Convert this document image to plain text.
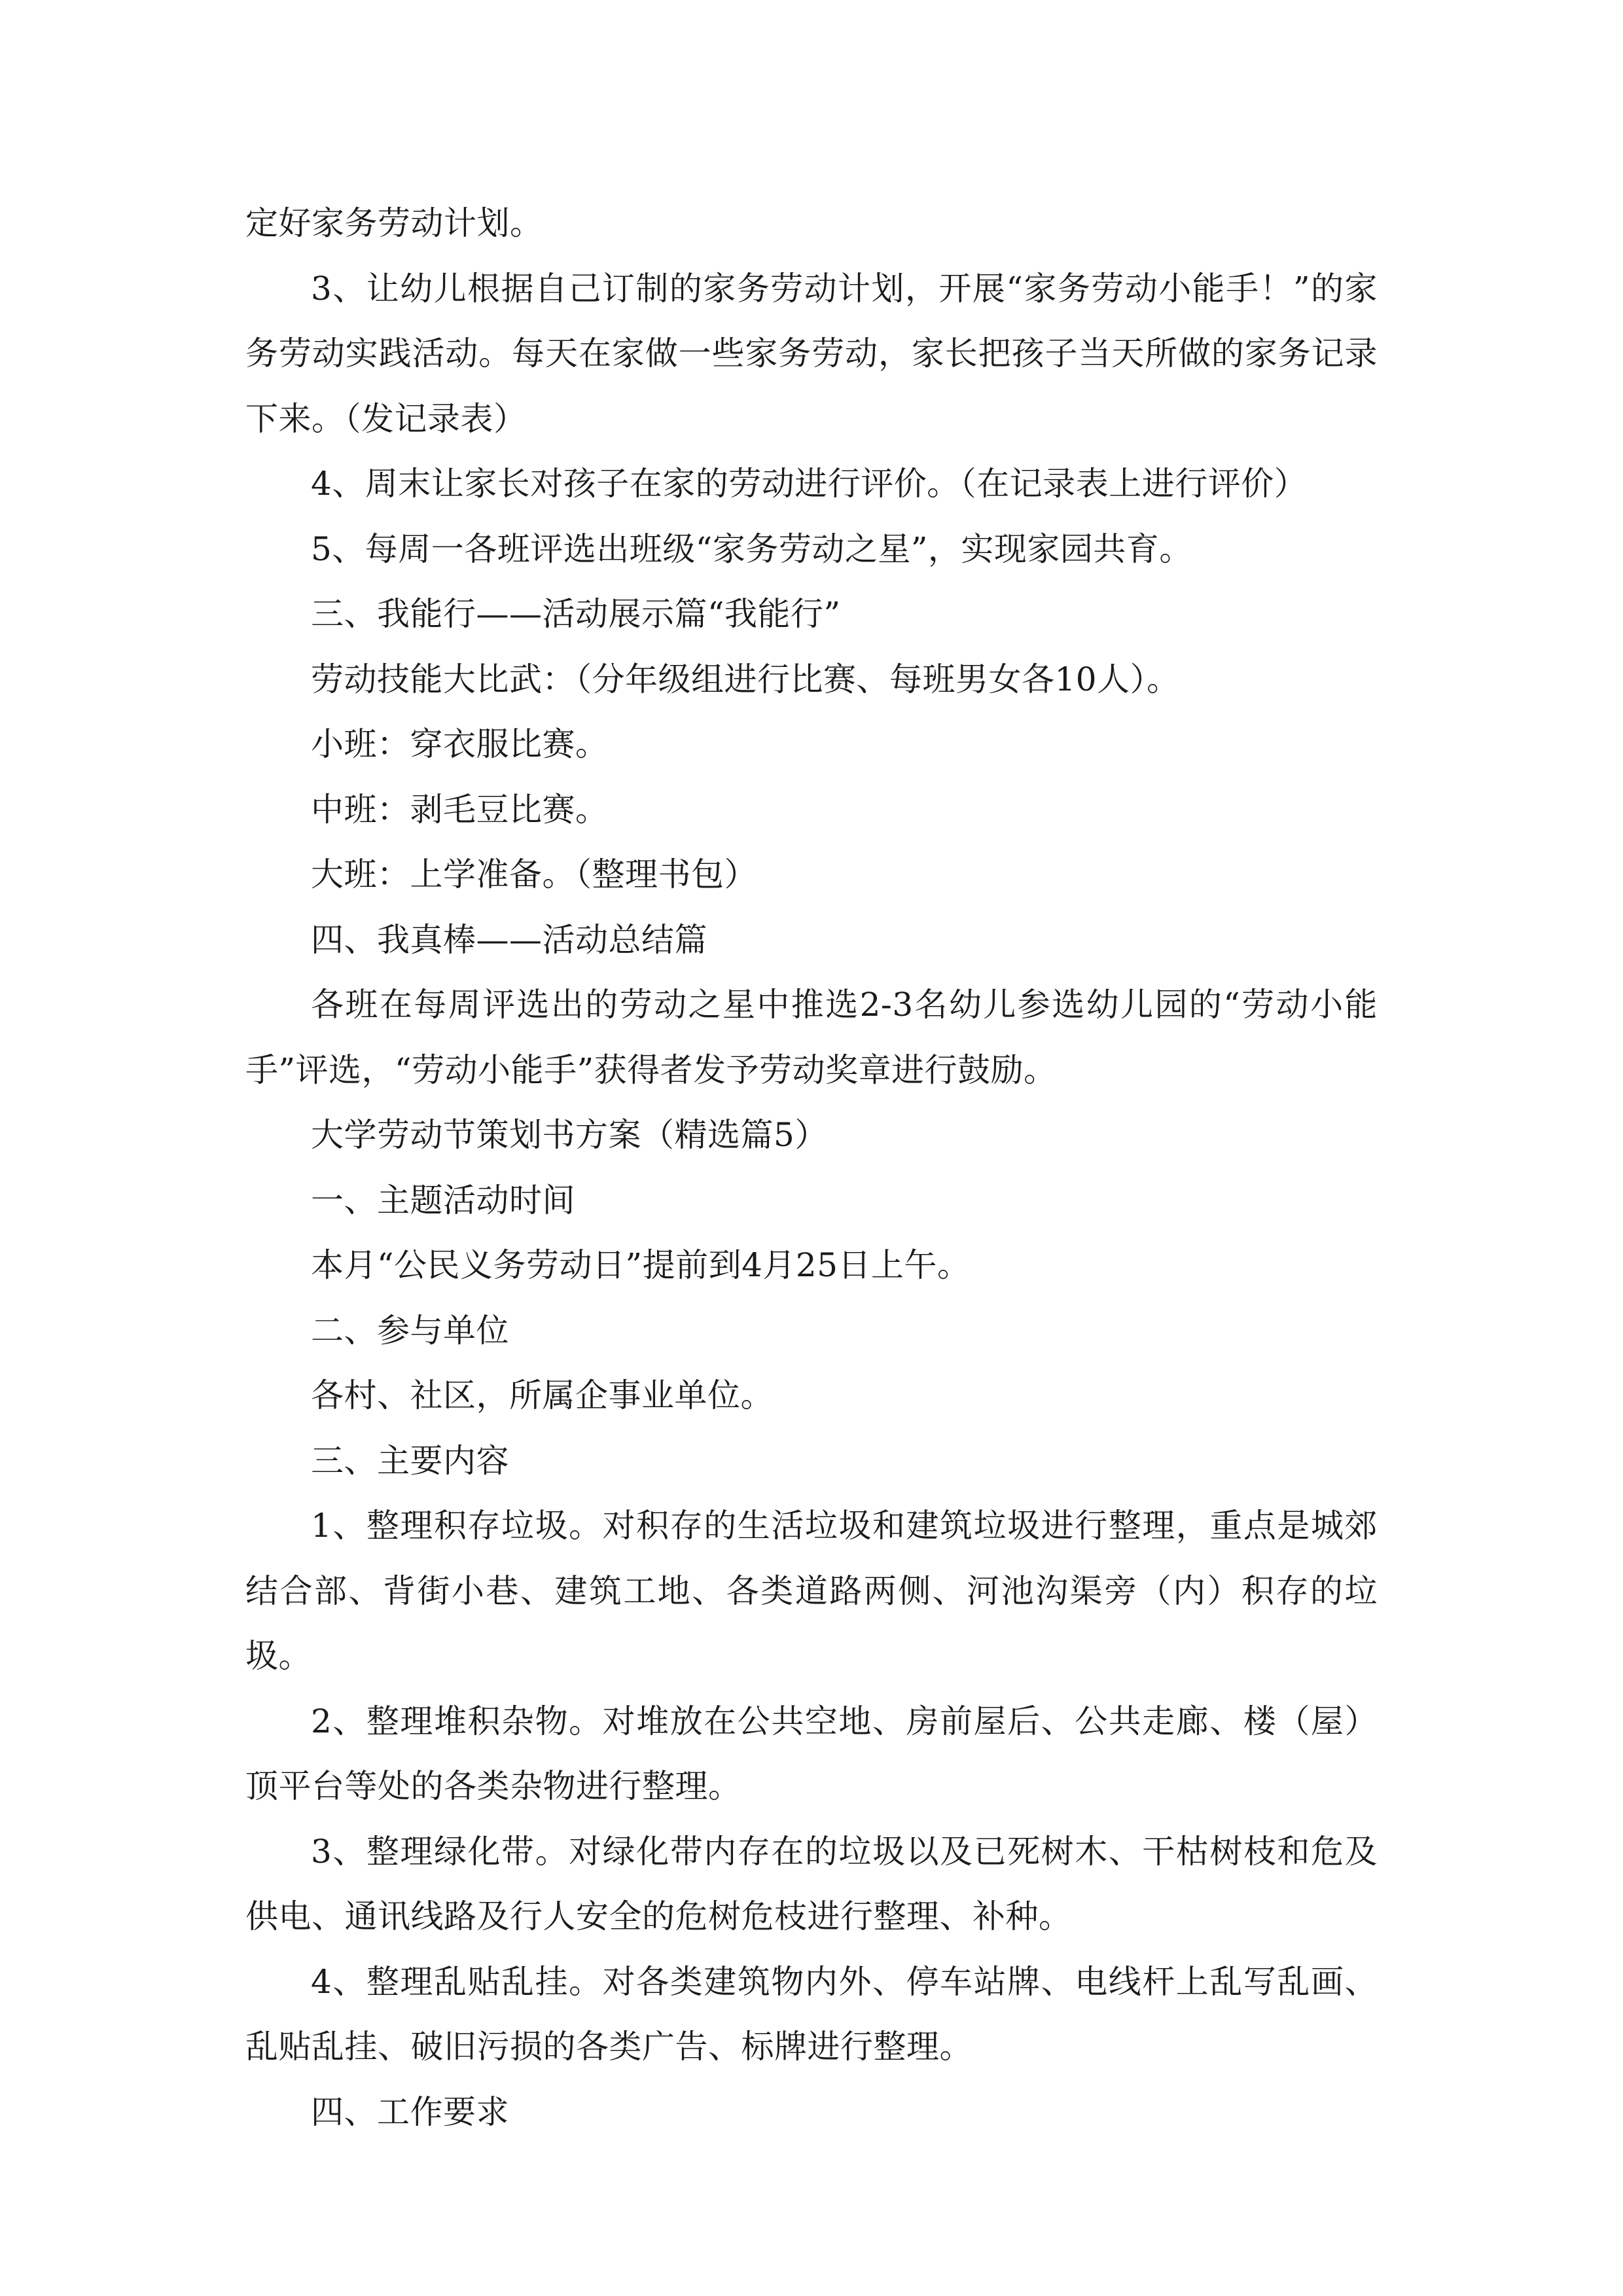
定好家务劳动计划。

3、让幼儿根据自己订制的家务劳动计划，开展“家务劳动小能手！”的家务劳动实践活动。每天在家做一些家务劳动，家长把孩子当天所做的家务记录下来。（发记录表）

4、周末让家长对孩子在家的劳动进行评价。（在记录表上进行评价）

5、每周一各班评选出班级“家务劳动之星”，实现家园共育。

三、我能行——活动展示篇“我能行”

劳动技能大比武：（分年级组进行比赛、每班男女各10人）。

小班：穿衣服比赛。

中班：剥毛豆比赛。

大班：上学准备。（整理书包）

四、我真棒——活动总结篇

各班在每周评选出的劳动之星中推选2-3名幼儿参选幼儿园的“劳动小能手”评选，“劳动小能手”获得者发予劳动奖章进行鼓励。

大学劳动节策划书方案（精选篇5）

一、主题活动时间

本月“公民义务劳动日”提前到4月25日上午。

二、参与单位

各村、社区，所属企事业单位。

三、主要内容

1、整理积存垃圾。对积存的生活垃圾和建筑垃圾进行整理，重点是城郊结合部、背街小巷、建筑工地、各类道路两侧、河池沟渠旁（内）积存的垃圾。

2、整理堆积杂物。对堆放在公共空地、房前屋后、公共走廊、楼（屋）顶平台等处的各类杂物进行整理。

3、整理绿化带。对绿化带内存在的垃圾以及已死树木、干枯树枝和危及供电、通讯线路及行人安全的危树危枝进行整理、补种。

4、整理乱贴乱挂。对各类建筑物内外、停车站牌、电线杆上乱写乱画、乱贴乱挂、破旧污损的各类广告、标牌进行整理。

四、工作要求
